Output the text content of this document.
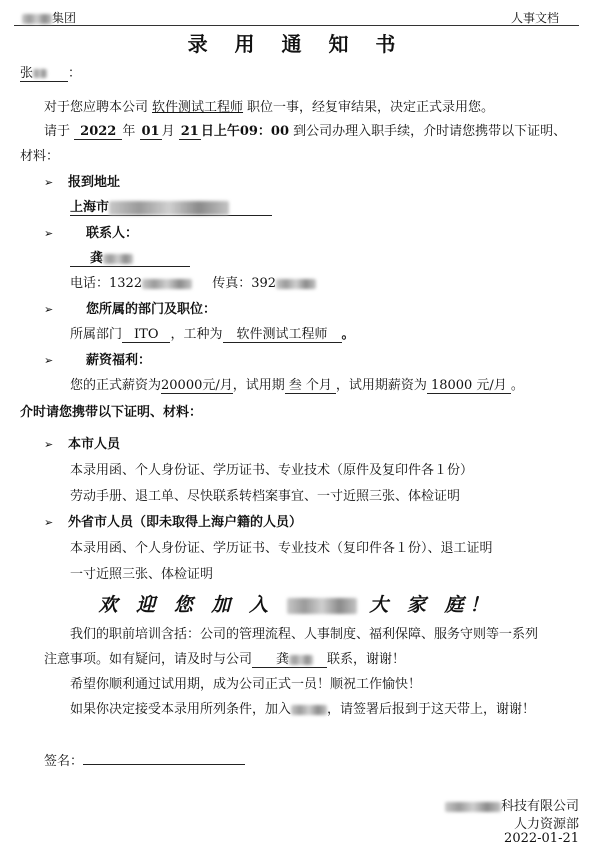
集团	人事文档
录 用 通 知 书
张	：
对于您应聘本公司 软件测试工程师 职位一事，经复审结果，决定正式录用您。
请于 2022 年 01 月 21 日上午09：00 到公司办理入职手续，介时请您携带以下证明、
材料：
➢ 报到地址
上海市
➢	联系人：
龚
电话：1322	传真：392
➢	您所属的部门及职位：
所属部门 ITO ，工种为 软件测试工程师 。
➢	薪资福利：
您的正式薪资为20000元/月，试用期 叁 个月 ，试用期薪资为 18000 元/月 。
介时请您携带以下证明、材料：
➢ 本市人员
本录用函、个人身份证、学历证书、专业技术（原件及复印件各１份）
劳动手册、退工单、尽快联系转档案事宜、一寸近照三张、体检证明
➢ 外省市人员（即未取得上海户籍的人员）
本录用函、个人身份证、学历证书、专业技术（复印件各１份）、退工证明
一寸近照三张、体检证明
欢 迎 您 加 入	大 家 庭！
我们的职前培训含括：公司的管理流程、人事制度、福利保障、服务守则等一系列
注意事项。如有疑问，请及时与公司 龚	联系，谢谢！
希望你顺利通过试用期，成为公司正式一员！顺祝工作愉快！
如果你决定接受本录用所列条件，加入	，请签署后报到于这天带上，谢谢！
签名：
科技有限公司
人力资源部
2022-01-21
